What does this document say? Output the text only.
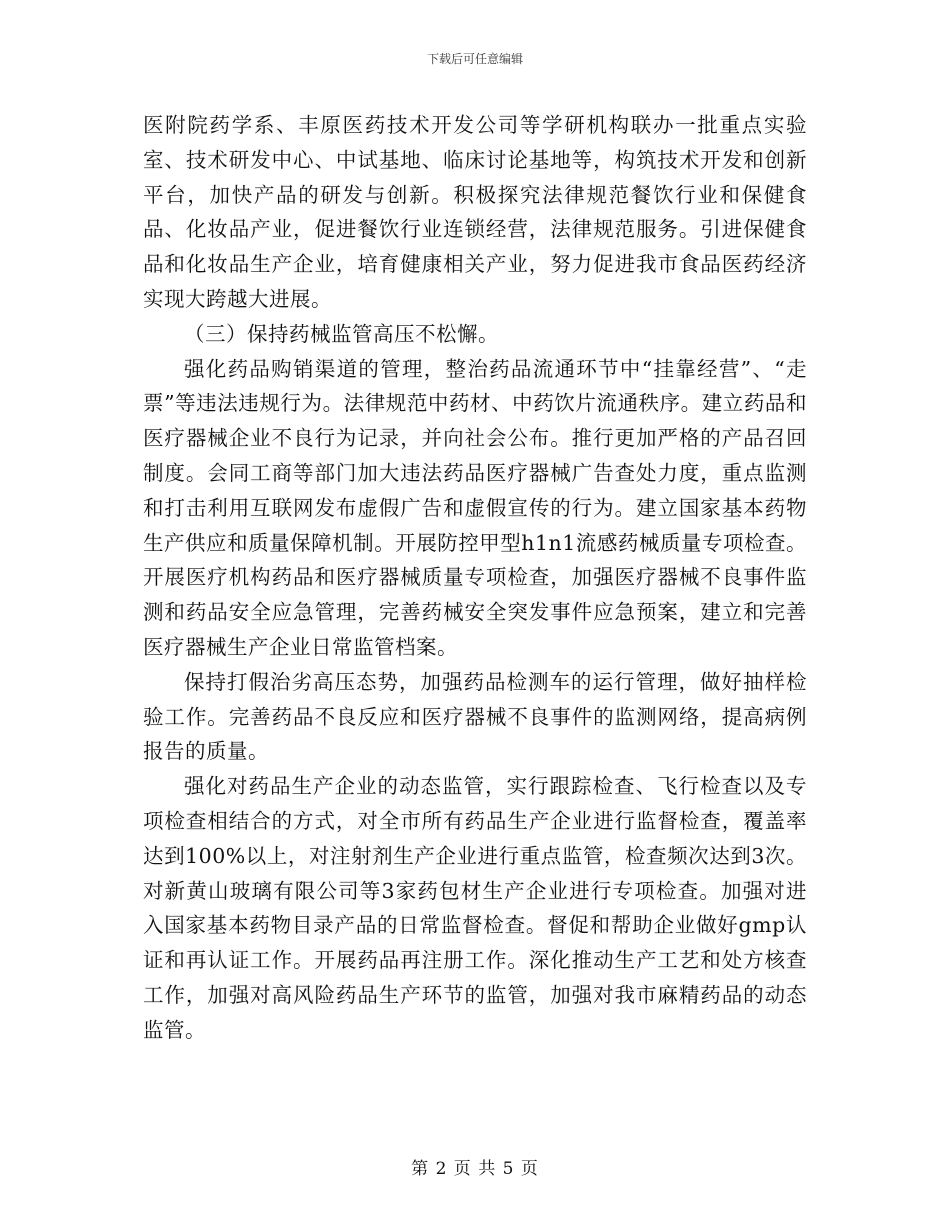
下载后可任意编辑

医附院药学系、丰原医药技术开发公司等学研机构联办一批重点实验室、技术研发中心、中试基地、临床讨论基地等，构筑技术开发和创新平台，加快产品的研发与创新。积极探究法律规范餐饮行业和保健食品、化妆品产业，促进餐饮行业连锁经营，法律规范服务。引进保健食品和化妆品生产企业，培育健康相关产业，努力促进我市食品医药经济实现大跨越大进展。

（三）保持药械监管高压不松懈。

强化药品购销渠道的管理，整治药品流通环节中“挂靠经营”、“走票”等违法违规行为。法律规范中药材、中药饮片流通秩序。建立药品和医疗器械企业不良行为记录，并向社会公布。推行更加严格的产品召回制度。会同工商等部门加大违法药品医疗器械广告查处力度，重点监测和打击利用互联网发布虚假广告和虚假宣传的行为。建立国家基本药物生产供应和质量保障机制。开展防控甲型h1n1流感药械质量专项检查。开展医疗机构药品和医疗器械质量专项检查，加强医疗器械不良事件监测和药品安全应急管理，完善药械安全突发事件应急预案，建立和完善医疗器械生产企业日常监管档案。

保持打假治劣高压态势，加强药品检测车的运行管理，做好抽样检验工作。完善药品不良反应和医疗器械不良事件的监测网络，提高病例报告的质量。

强化对药品生产企业的动态监管，实行跟踪检查、飞行检查以及专项检查相结合的方式，对全市所有药品生产企业进行监督检查，覆盖率达到100%以上，对注射剂生产企业进行重点监管，检查频次达到3次。对新黄山玻璃有限公司等3家药包材生产企业进行专项检查。加强对进入国家基本药物目录产品的日常监督检查。督促和帮助企业做好gmp认证和再认证工作。开展药品再注册工作。深化推动生产工艺和处方核查工作，加强对高风险药品生产环节的监管，加强对我市麻精药品的动态监管。

第 2 页 共 5 页
